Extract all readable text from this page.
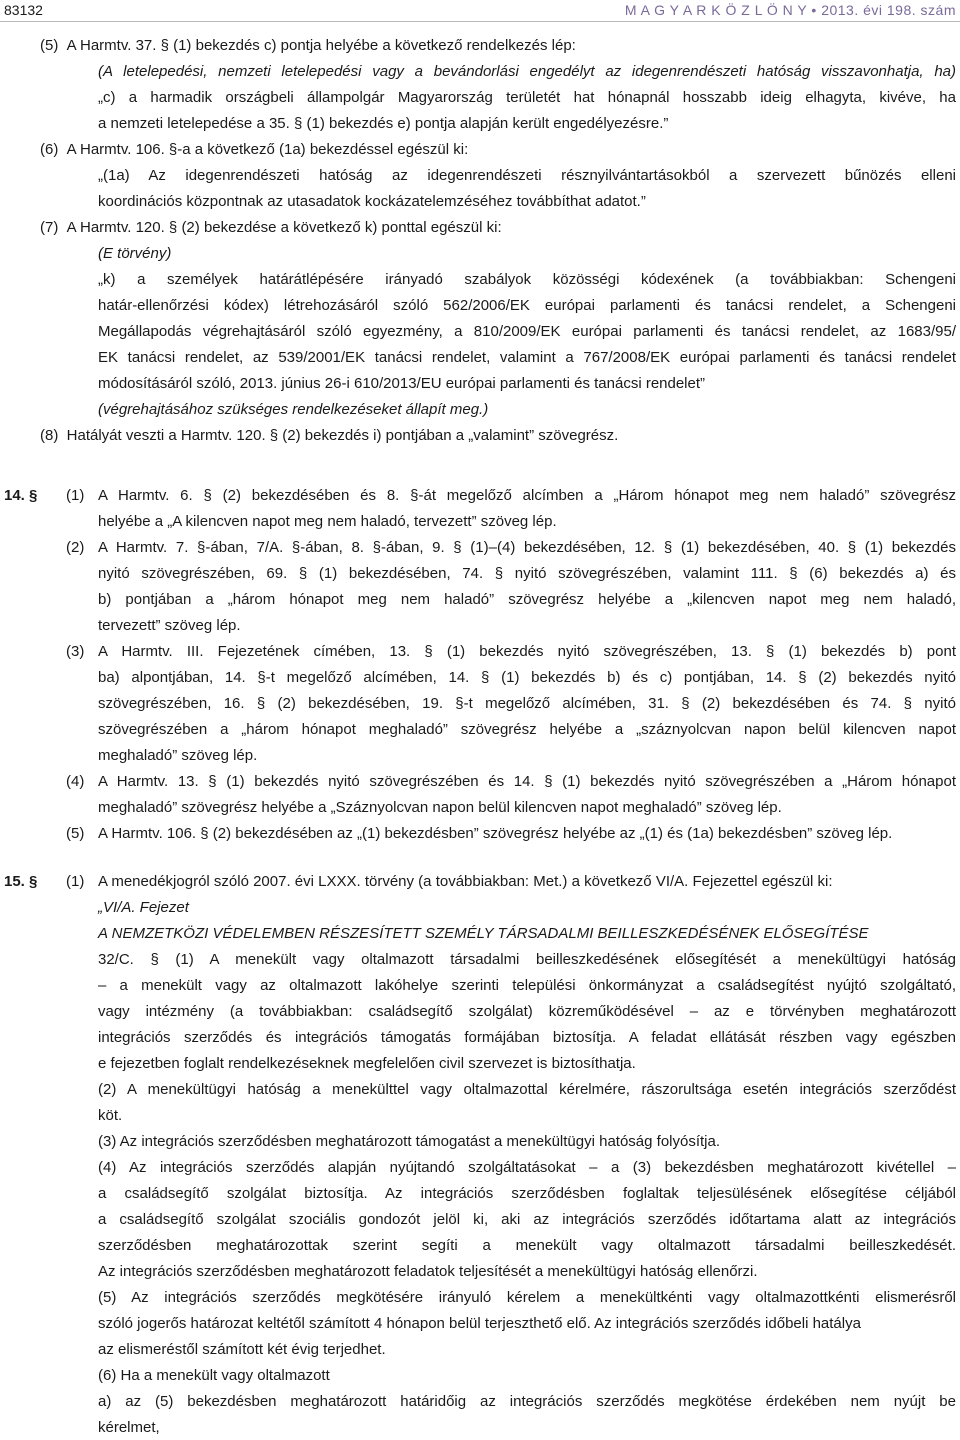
83132	M A G Y A R K Ö Z L Ö N Y • 2013. évi 198. szám
(5)  A Harmtv. 37. § (1) bekezdés c) pontja helyébe a következő rendelkezés lép:
(A letelepedési, nemzeti letelepedési vagy a bevándorlási engedélyt az idegenrendészeti hatóság visszavonhatja, ha)
„c) a harmadik országbeli állampolgár Magyarország területét hat hónapnál hosszabb ideig elhagyta, kivéve, ha
a nemzeti letelepedése a 35. § (1) bekezdés e) pontja alapján került engedélyezésre.”
(6)  A Harmtv. 106. §-a a következő (1a) bekezdéssel egészül ki:
„(1a) Az idegenrendészeti hatóság az idegenrendészeti résznyilvántartásokból a szervezett bűnözés elleni
koordinációs központnak az utasadatok kockázatelemzéséhez továbbíthat adatot.”
(7)  A Harmtv. 120. § (2) bekezdése a következő k) ponttal egészül ki:
(E törvény)
„k) a személyek határátlépésére irányadó szabályok közösségi kódexének (a továbbiakban: Schengeni
határ-ellenőrzési kódex) létrehozásáról szóló 562/2006/EK európai parlamenti és tanácsi rendelet, a Schengeni
Megállapodás végrehajtásáról szóló egyezmény, a 810/2009/EK európai parlamenti és tanácsi rendelet, az 1683/95/
EK tanácsi rendelet, az 539/2001/EK tanácsi rendelet, valamint a 767/2008/EK európai parlamenti és tanácsi rendelet
módosításáról szóló, 2013. június 26-i 610/2013/EU európai parlamenti és tanácsi rendelet”
(végrehajtásához szükséges rendelkezéseket állapít meg.)
(8)  Hatályát veszti a Harmtv. 120. § (2) bekezdés i) pontjában a „valamint” szövegrész.
14. § (1) A Harmtv. 6. § (2) bekezdésében és 8. §-át megelőző alcímben a „Három hónapot meg nem haladó” szövegrész
helyébe a „A kilencven napot meg nem haladó, tervezett” szöveg lép.
(2) A Harmtv. 7. §-ában, 7/A. §-ában, 8. §-ában, 9. § (1)–(4) bekezdésében, 12. § (1) bekezdésében, 40. § (1) bekezdés
nyitó szövegrészében, 69. § (1) bekezdésében, 74. § nyitó szövegrészében, valamint 111. § (6) bekezdés a) és
b) pontjában a „három hónapot meg nem haladó” szövegrész helyébe a „kilencven napot meg nem haladó,
tervezett” szöveg lép.
(3) A Harmtv. III. Fejezetének címében, 13. § (1) bekezdés nyitó szövegrészében, 13. § (1) bekezdés b) pont
ba) alpontjában, 14. §-t megelőző alcímében, 14. § (1) bekezdés b) és c) pontjában, 14. § (2) bekezdés nyitó
szövegrészében, 16. § (2) bekezdésében, 19. §-t megelőző alcímében, 31. § (2) bekezdésében és 74. § nyitó
szövegrészében a „három hónapot meghaladó” szövegrész helyébe a „száznyolcvan napon belül kilencven napot
meghaladó” szöveg lép.
(4) A Harmtv. 13. § (1) bekezdés nyitó szövegrészében és 14. § (1) bekezdés nyitó szövegrészében a „Három hónapot
meghaladó” szövegrész helyébe a „Száznyolcvan napon belül kilencven napot meghaladó” szöveg lép.
(5) A Harmtv. 106. § (2) bekezdésében az „(1) bekezdésben” szövegrész helyébe az „(1) és (1a) bekezdésben” szöveg lép.
15. § (1) A menedékjogról szóló 2007. évi LXXX. törvény (a továbbiakban: Met.) a következő VI/A. Fejezettel egészül ki:
„VI/A. Fejezet
A NEMZETKÖZI VÉDELEMBEN RÉSZESÍTETT SZEMÉLY TÁRSADALMI BEILLESZKEDÉSÉNEK ELŐSEGÍTÉSE
32/C. § (1) A menekült vagy oltalmazott társadalmi beilleszkedésének elősegítését a menekültügyi hatóság
– a menekült vagy az oltalmazott lakóhelye szerinti települési önkormányzat a családsegítést nyújtó szolgáltató,
vagy intézmény (a továbbiakban: családsegítő szolgálat) közreműködésével – az e törvényben meghatározott
integrációs szerződés és integrációs támogatás formájában biztosítja. A feladat ellátását részben vagy egészben
e fejezetben foglalt rendelkezéseknek megfelelően civil szervezet is biztosíthatja.
(2) A menekültügyi hatóság a menekülttel vagy oltalmazottal kérelmére, rászorultsága esetén integrációs szerződést
köt.
(3) Az integrációs szerződésben meghatározott támogatást a menekültügyi hatóság folyósítja.
(4) Az integrációs szerződés alapján nyújtandó szolgáltatásokat – a (3) bekezdésben meghatározott kivétellel –
a családsegítő szolgálat biztosítja. Az integrációs szerződésben foglaltak teljesülésének elősegítése céljából
a családsegítő szolgálat szociális gondozót jelöl ki, aki az integrációs szerződés időtartama alatt az integrációs
szerződésben meghatározottak szerint segíti a menekült vagy oltalmazott társadalmi beilleszkedését.
Az integrációs szerződésben meghatározott feladatok teljesítését a menekültügyi hatóság ellenőrzi.
(5) Az integrációs szerződés megkötésére irányuló kérelem a menekültkénti vagy oltalmazottkénti elismerésről
szóló jogerős határozat keltétől számított 4 hónapon belül terjeszthető elő. Az integrációs szerződés időbeli hatálya
az elismeréstől számított két évig terjedhet.
(6) Ha a menekült vagy oltalmazott
a) az (5) bekezdésben meghatározott határidőig az integrációs szerződés megkötése érdekében nem nyújt be
kérelmet,
